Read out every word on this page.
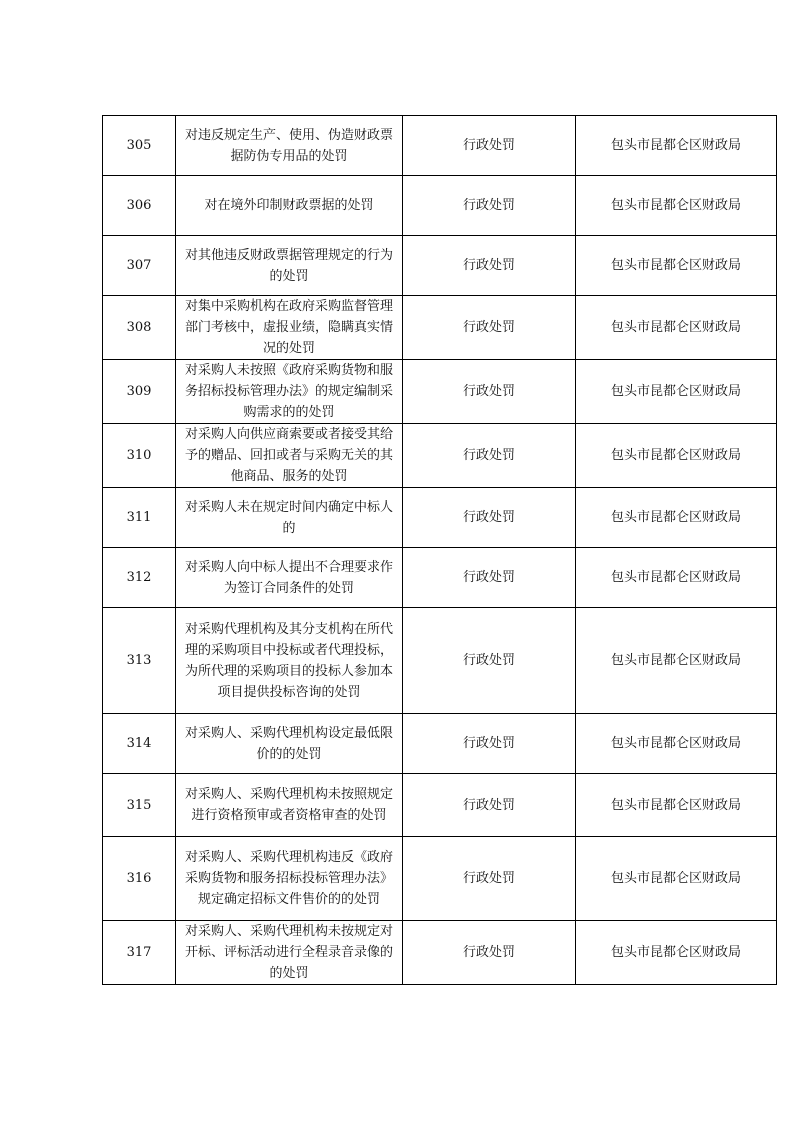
305	对违反规定生产、使用、伪造财政票据防伪专用品的处罚	行政处罚	包头市昆都仑区财政局
306	对在境外印制财政票据的处罚	行政处罚	包头市昆都仑区财政局
307	对其他违反财政票据管理规定的行为的处罚	行政处罚	包头市昆都仑区财政局
308	对集中采购机构在政府采购监督管理部门考核中，虚报业绩，隐瞒真实情况的处罚	行政处罚	包头市昆都仑区财政局
309	对采购人未按照《政府采购货物和服务招标投标管理办法》的规定编制采购需求的的处罚	行政处罚	包头市昆都仑区财政局
310	对采购人向供应商索要或者接受其给予的赠品、回扣或者与采购无关的其他商品、服务的处罚	行政处罚	包头市昆都仑区财政局
311	对采购人未在规定时间内确定中标人的	行政处罚	包头市昆都仑区财政局
312	对采购人向中标人提出不合理要求作为签订合同条件的处罚	行政处罚	包头市昆都仑区财政局
313	对采购代理机构及其分支机构在所代理的采购项目中投标或者代理投标，为所代理的采购项目的投标人参加本项目提供投标咨询的处罚	行政处罚	包头市昆都仑区财政局
314	对采购人、采购代理机构设定最低限价的的处罚	行政处罚	包头市昆都仑区财政局
315	对采购人、采购代理机构未按照规定进行资格预审或者资格审查的处罚	行政处罚	包头市昆都仑区财政局
316	对采购人、采购代理机构违反《政府采购货物和服务招标投标管理办法》规定确定招标文件售价的的处罚	行政处罚	包头市昆都仑区财政局
317	对采购人、采购代理机构未按规定对开标、评标活动进行全程录音录像的的处罚	行政处罚	包头市昆都仑区财政局
